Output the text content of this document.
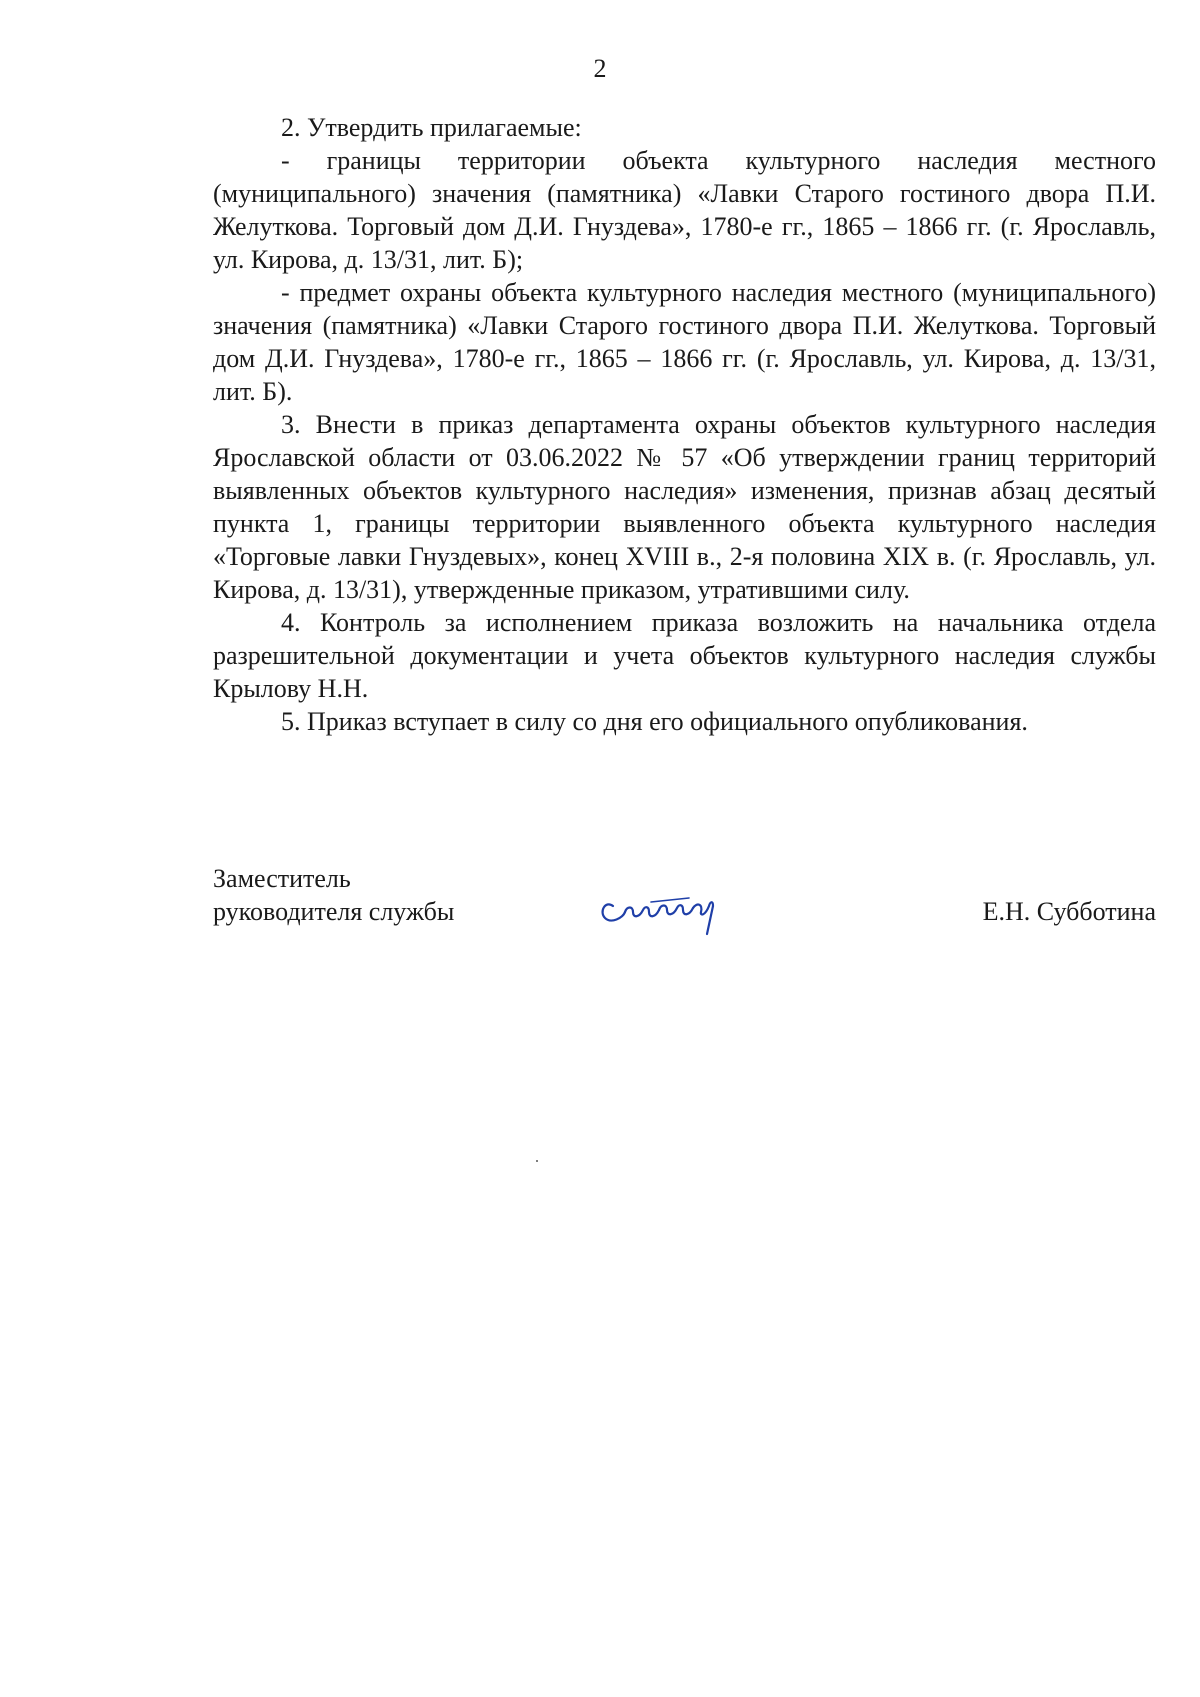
2

2. Утвердить прилагаемые:

- границы территории объекта культурного наследия местного (муниципального) значения (памятника) «Лавки Старого гостиного двора П.И. Желуткова. Торговый дом Д.И. Гнуздева», 1780-е гг., 1865 – 1866 гг. (г. Ярославль, ул. Кирова, д. 13/31, лит. Б);

- предмет охраны объекта культурного наследия местного (муниципального) значения (памятника) «Лавки Старого гостиного двора П.И. Желуткова. Торговый дом Д.И. Гнуздева», 1780-е гг., 1865 – 1866 гг. (г. Ярославль, ул. Кирова, д. 13/31, лит. Б).

3. Внести в приказ департамента охраны объектов культурного наследия Ярославской области от 03.06.2022 № 57 «Об утверждении границ территорий выявленных объектов культурного наследия» изменения, признав абзац десятый пункта 1, границы территории выявленного объекта культурного наследия «Торговые лавки Гнуздевых», конец XVIII в., 2-я половина XIX в. (г. Ярославль, ул. Кирова, д. 13/31), утвержденные приказом, утратившими силу.

4. Контроль за исполнением приказа возложить на начальника отдела разрешительной документации и учета объектов культурного наследия службы Крылову Н.Н.

5. Приказ вступает в силу со дня его официального опубликования.

Заместитель
руководителя службы	Е.Н. Субботина
